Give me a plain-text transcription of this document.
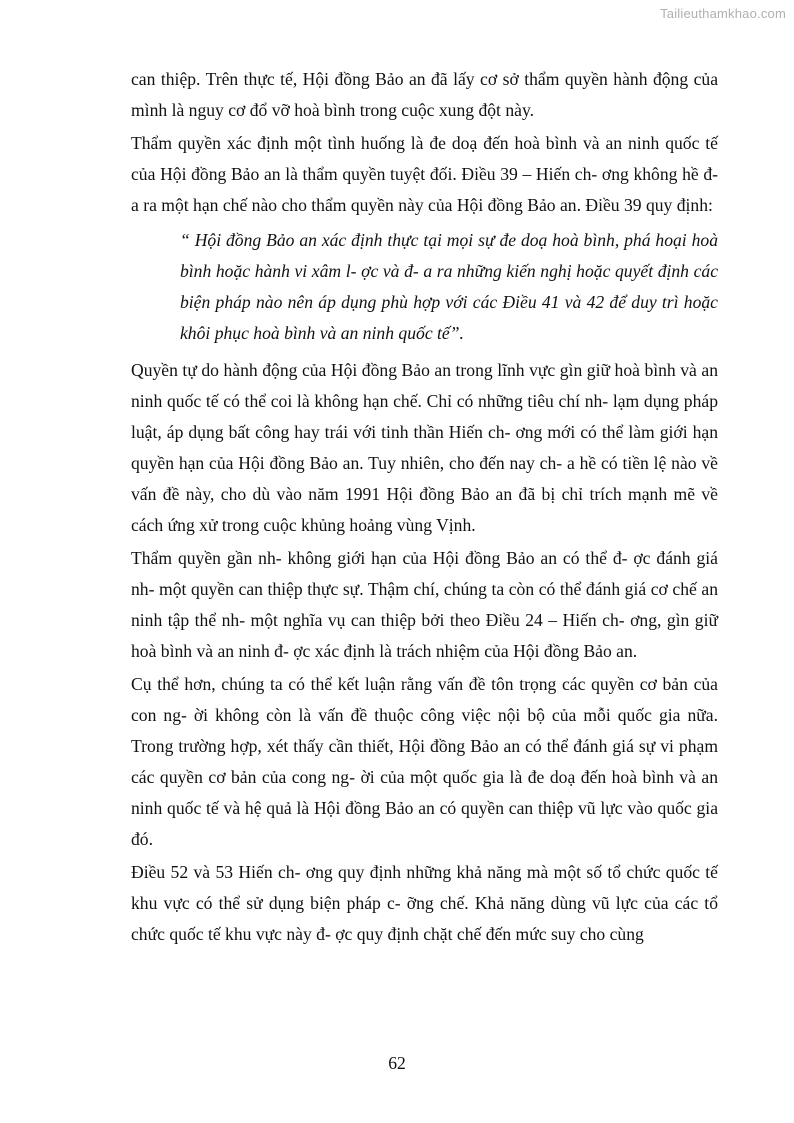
Tailieuthamkhao.com

can thiệp. Trên thực tế, Hội đồng Bảo an đã lấy cơ sở thẩm quyền hành động của mình là nguy cơ đổ vỡ hoà bình trong cuộc xung đột này.

Thẩm quyền xác định một tình huống là đe doạ đến hoà bình và an ninh quốc tế của Hội đồng Bảo an là thẩm quyền tuyệt đối. Điều 39 – Hiến ch- ơng không hề đ- a ra một hạn chế nào cho thẩm quyền này của Hội đồng Bảo an. Điều 39 quy định:

“ Hội đồng Bảo an xác định thực tại mọi sự đe doạ hoà bình, phá hoại hoà bình hoặc hành vi xâm l- ợc và đ- a ra những kiến nghị hoặc quyết định các biện pháp nào nên áp dụng phù hợp với các Điều 41 và 42 để duy trì hoặc khôi phục hoà bình và an ninh quốc tế”.

Quyền tự do hành động của Hội đồng Bảo an trong lĩnh vực gìn giữ hoà bình và an ninh quốc tế có thể coi là không hạn chế. Chỉ có những tiêu chí nh- lạm dụng pháp luật, áp dụng bất công hay trái với tinh thần Hiến ch- ơng mới có thể làm giới hạn quyền hạn của Hội đồng Bảo an. Tuy nhiên, cho đến nay ch- a hề có tiền lệ nào về vấn đề này, cho dù vào năm 1991 Hội đồng Bảo an đã bị chỉ trích mạnh mẽ về cách ứng xử trong cuộc khủng hoảng vùng Vịnh.

Thẩm quyền gần nh- không giới hạn của Hội đồng Bảo an có thể đ- ợc đánh giá nh- một quyền can thiệp thực sự. Thậm chí, chúng ta còn có thể đánh giá cơ chế an ninh tập thể nh- một nghĩa vụ can thiệp bởi theo Điều 24 – Hiến ch- ơng, gìn giữ hoà bình và an ninh đ- ợc xác định là trách nhiệm của Hội đồng Bảo an.

Cụ thể hơn, chúng ta có thể kết luận rằng vấn đề tôn trọng các quyền cơ bản của con ng- ời không còn là vấn đề thuộc công việc nội bộ của mỗi quốc gia nữa. Trong trường hợp, xét thấy cần thiết, Hội đồng Bảo an có thể đánh giá sự vi phạm các quyền cơ bản của cong ng- ời của một quốc gia là đe doạ đến hoà bình và an ninh quốc tế và hệ quả là Hội đồng Bảo an có quyền can thiệp vũ lực vào quốc gia đó.

Điều 52 và 53 Hiến ch- ơng quy định những khả năng mà một số tổ chức quốc tế khu vực có thể sử dụng biện pháp c- ỡng chế. Khả năng dùng vũ lực của các tổ chức quốc tế khu vực này đ- ợc quy định chặt chế đến mức suy cho cùng

62
